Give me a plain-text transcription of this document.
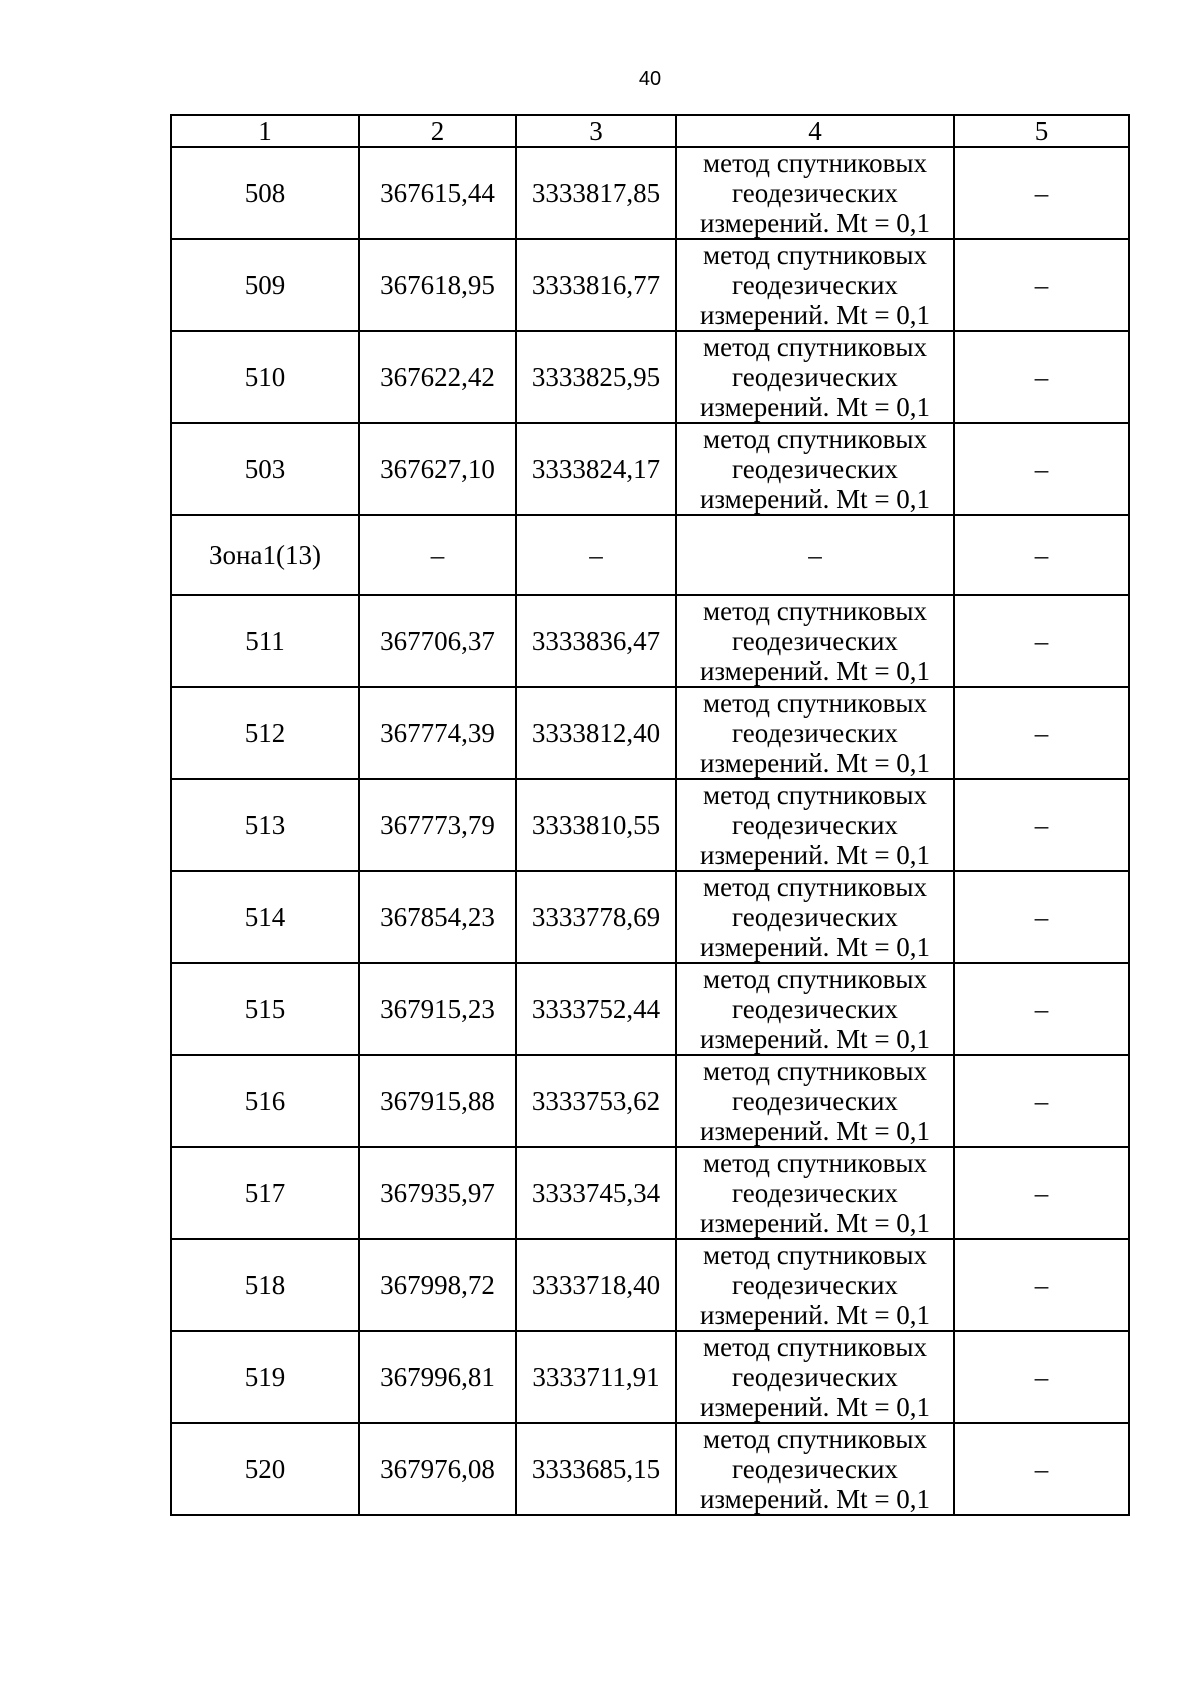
40
1	2	3	4	5
508	367615,44	3333817,85	метод спутниковых геодезических измерений. Mt = 0,1	–
509	367618,95	3333816,77	метод спутниковых геодезических измерений. Mt = 0,1	–
510	367622,42	3333825,95	метод спутниковых геодезических измерений. Mt = 0,1	–
503	367627,10	3333824,17	метод спутниковых геодезических измерений. Mt = 0,1	–
Зона1(13)	–	–	–	–
511	367706,37	3333836,47	метод спутниковых геодезических измерений. Mt = 0,1	–
512	367774,39	3333812,40	метод спутниковых геодезических измерений. Mt = 0,1	–
513	367773,79	3333810,55	метод спутниковых геодезических измерений. Mt = 0,1	–
514	367854,23	3333778,69	метод спутниковых геодезических измерений. Mt = 0,1	–
515	367915,23	3333752,44	метод спутниковых геодезических измерений. Mt = 0,1	–
516	367915,88	3333753,62	метод спутниковых геодезических измерений. Mt = 0,1	–
517	367935,97	3333745,34	метод спутниковых геодезических измерений. Mt = 0,1	–
518	367998,72	3333718,40	метод спутниковых геодезических измерений. Mt = 0,1	–
519	367996,81	3333711,91	метод спутниковых геодезических измерений. Mt = 0,1	–
520	367976,08	3333685,15	метод спутниковых геодезических измерений. Mt = 0,1	–
